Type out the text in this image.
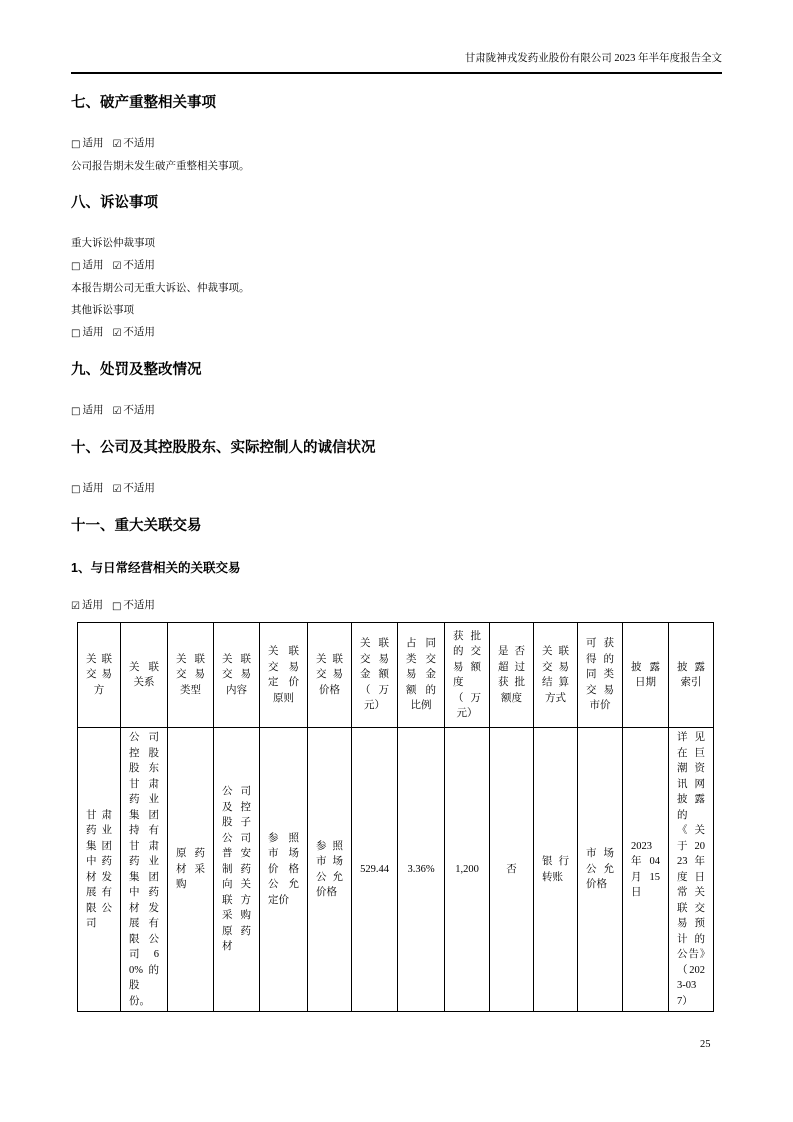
甘肃陇神戎发药业股份有限公司 2023 年半年度报告全文
七、破产重整相关事项

□ 适用 ☑ 不适用

公司报告期未发生破产重整相关事项。

八、诉讼事项

重大诉讼仲裁事项

□ 适用 ☑ 不适用

本报告期公司无重大诉讼、仲裁事项。

其他诉讼事项

□ 适用 ☑ 不适用

九、处罚及整改情况

□ 适用 ☑ 不适用

十、公司及其控股股东、实际控制人的诚信状况

□ 适用 ☑ 不适用

十一、重大关联交易
1、与日常经营相关的关联交易

☑ 适用 □ 不适用

关联交易方	关联关系	关联交易类型	关联交易内容	关联交易定价原则	关联交易价格	关联交易金额（万元）	占同类交易金额的比例	获批的交易额度（万元）	是否超过获批额度	关联交易结算方式	可获得的同类交易市价	披露日期	披露索引
甘肃药业集团中药材发展有限公司	公司控股股东甘肃药业集团持有甘肃药业集团中药材发展有限公司 60%的股份。	原药材采购	公司及控股子公司普安制药向关联方采购原药材	参照市场价格公允定价	参照市场公允价格	529.44	3.36%	1,200	否	银行转账	市场公允价格	2023 年 04 月 15 日	详见在巨潮资讯网披露的《关于 2023 年度日常关联交易预计的公告》（2023-037）
25
